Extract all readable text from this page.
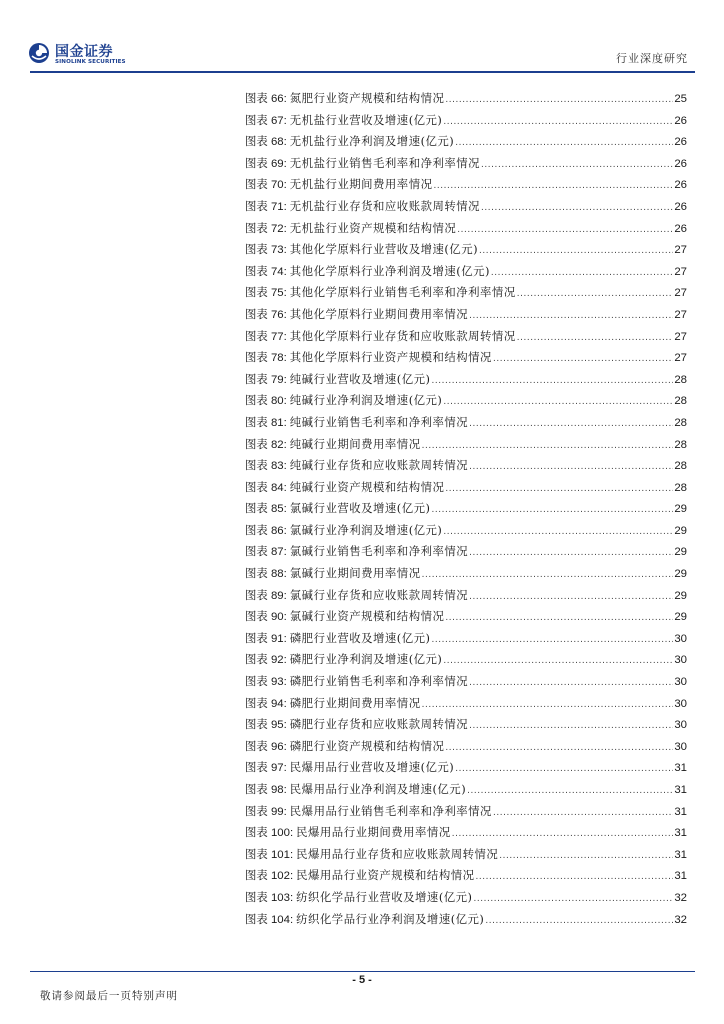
国金证券
SINOLINK SECURITIES	行业深度研究
图表 66: 氮肥行业资产规模和结构情况 .....	25
图表 67: 无机盐行业营收及增速(亿元) .....	26
图表 68: 无机盐行业净利润及增速(亿元) .....	26
图表 69: 无机盐行业销售毛利率和净利率情况 .....	26
图表 70: 无机盐行业期间费用率情况 .....	26
图表 71: 无机盐行业存货和应收账款周转情况 .....	26
图表 72: 无机盐行业资产规模和结构情况 .....	26
图表 73: 其他化学原料行业营收及增速(亿元) .....	27
图表 74: 其他化学原料行业净利润及增速(亿元) .....	27
图表 75: 其他化学原料行业销售毛利率和净利率情况 .....	27
图表 76: 其他化学原料行业期间费用率情况 .....	27
图表 77: 其他化学原料行业存货和应收账款周转情况 .....	27
图表 78: 其他化学原料行业资产规模和结构情况 .....	27
图表 79: 纯碱行业营收及增速(亿元) .....	28
图表 80: 纯碱行业净利润及增速(亿元) .....	28
图表 81: 纯碱行业销售毛利率和净利率情况 .....	28
图表 82: 纯碱行业期间费用率情况 .....	28
图表 83: 纯碱行业存货和应收账款周转情况 .....	28
图表 84: 纯碱行业资产规模和结构情况 .....	28
图表 85: 氯碱行业营收及增速(亿元) .....	29
图表 86: 氯碱行业净利润及增速(亿元) .....	29
图表 87: 氯碱行业销售毛利率和净利率情况 .....	29
图表 88: 氯碱行业期间费用率情况 .....	29
图表 89: 氯碱行业存货和应收账款周转情况 .....	29
图表 90: 氯碱行业资产规模和结构情况 .....	29
图表 91: 磷肥行业营收及增速(亿元) .....	30
图表 92: 磷肥行业净利润及增速(亿元) .....	30
图表 93: 磷肥行业销售毛利率和净利率情况 .....	30
图表 94: 磷肥行业期间费用率情况 .....	30
图表 95: 磷肥行业存货和应收账款周转情况 .....	30
图表 96: 磷肥行业资产规模和结构情况 .....	30
图表 97: 民爆用品行业营收及增速(亿元) .....	31
图表 98: 民爆用品行业净利润及增速(亿元) .....	31
图表 99: 民爆用品行业销售毛利率和净利率情况 .....	31
图表 100: 民爆用品行业期间费用率情况 .....	31
图表 101: 民爆用品行业存货和应收账款周转情况 .....	31
图表 102: 民爆用品行业资产规模和结构情况 .....	31
图表 103: 纺织化学品行业营收及增速(亿元) .....	32
图表 104: 纺织化学品行业净利润及增速(亿元) .....	32
- 5 -
敬请参阅最后一页特别声明
